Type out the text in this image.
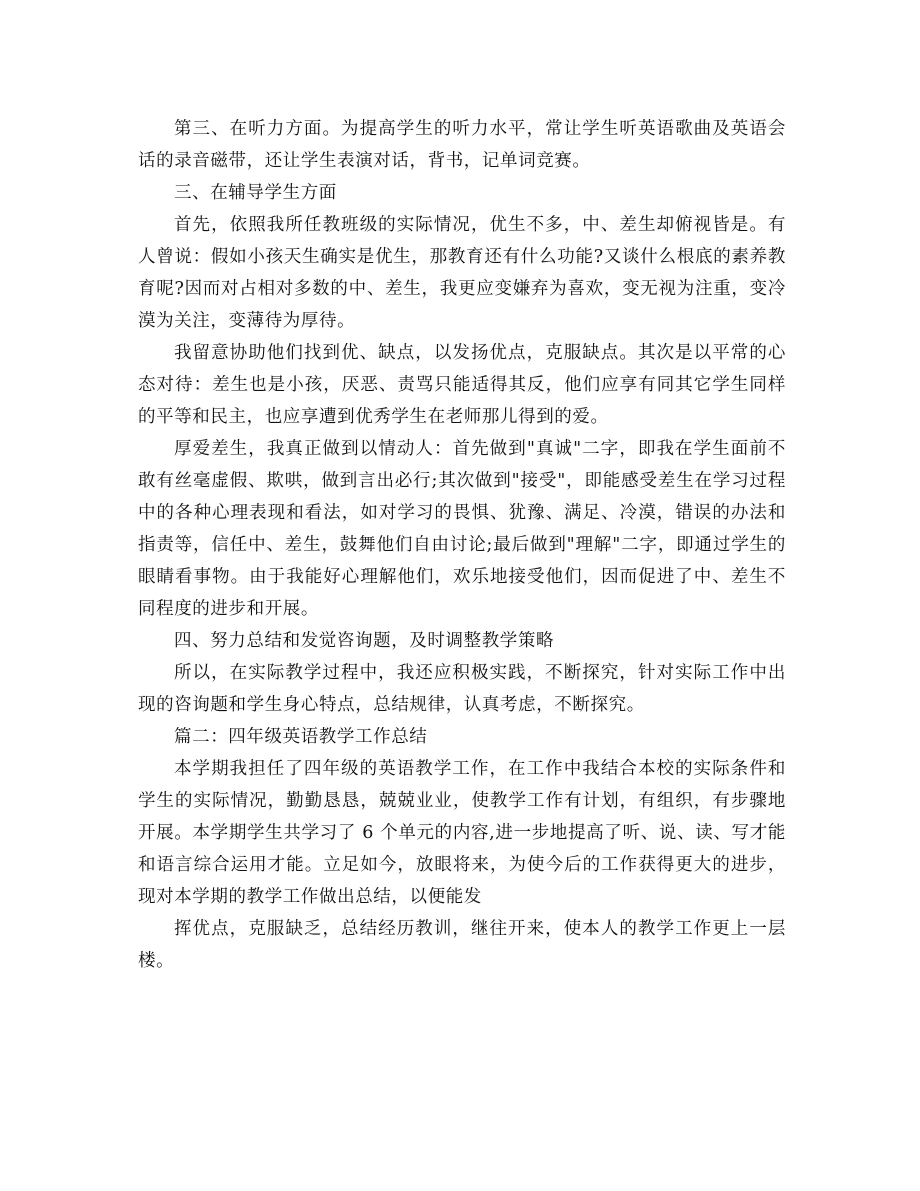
第三、在听力方面。为提高学生的听力水平，常让学生听英语歌曲及英语会话的录音磁带，还让学生表演对话，背书，记单词竞赛。

三、在辅导学生方面

首先，依照我所任教班级的实际情况，优生不多，中、差生却俯视皆是。有人曾说：假如小孩天生确实是优生，那教育还有什么功能?又谈什么根底的素养教育呢?因而对占相对多数的中、差生，我更应变嫌弃为喜欢，变无视为注重，变冷漠为关注，变薄待为厚待。

我留意协助他们找到优、缺点，以发扬优点，克服缺点。其次是以平常的心态对待：差生也是小孩，厌恶、责骂只能适得其反，他们应享有同其它学生同样的平等和民主，也应享遭到优秀学生在老师那儿得到的爱。

厚爱差生，我真正做到以情动人：首先做到"真诚"二字，即我在学生面前不敢有丝毫虚假、欺哄，做到言出必行;其次做到"接受"，即能感受差生在学习过程中的各种心理表现和看法，如对学习的畏惧、犹豫、满足、冷漠，错误的办法和指责等，信任中、差生，鼓舞他们自由讨论;最后做到"理解"二字，即通过学生的眼睛看事物。由于我能好心理解他们，欢乐地接受他们，因而促进了中、差生不同程度的进步和开展。

四、努力总结和发觉咨询题，及时调整教学策略

所以，在实际教学过程中，我还应积极实践，不断探究，针对实际工作中出现的咨询题和学生身心特点，总结规律，认真考虑，不断探究。

篇二：四年级英语教学工作总结

本学期我担任了四年级的英语教学工作，在工作中我结合本校的实际条件和学生的实际情况，勤勤恳恳，兢兢业业，使教学工作有计划，有组织，有步骤地开展。本学期学生共学习了 6 个单元的内容,进一步地提高了听、说、读、写才能和语言综合运用才能。立足如今，放眼将来，为使今后的工作获得更大的进步，现对本学期的教学工作做出总结，以便能发

挥优点，克服缺乏，总结经历教训，继往开来，使本人的教学工作更上一层楼。
